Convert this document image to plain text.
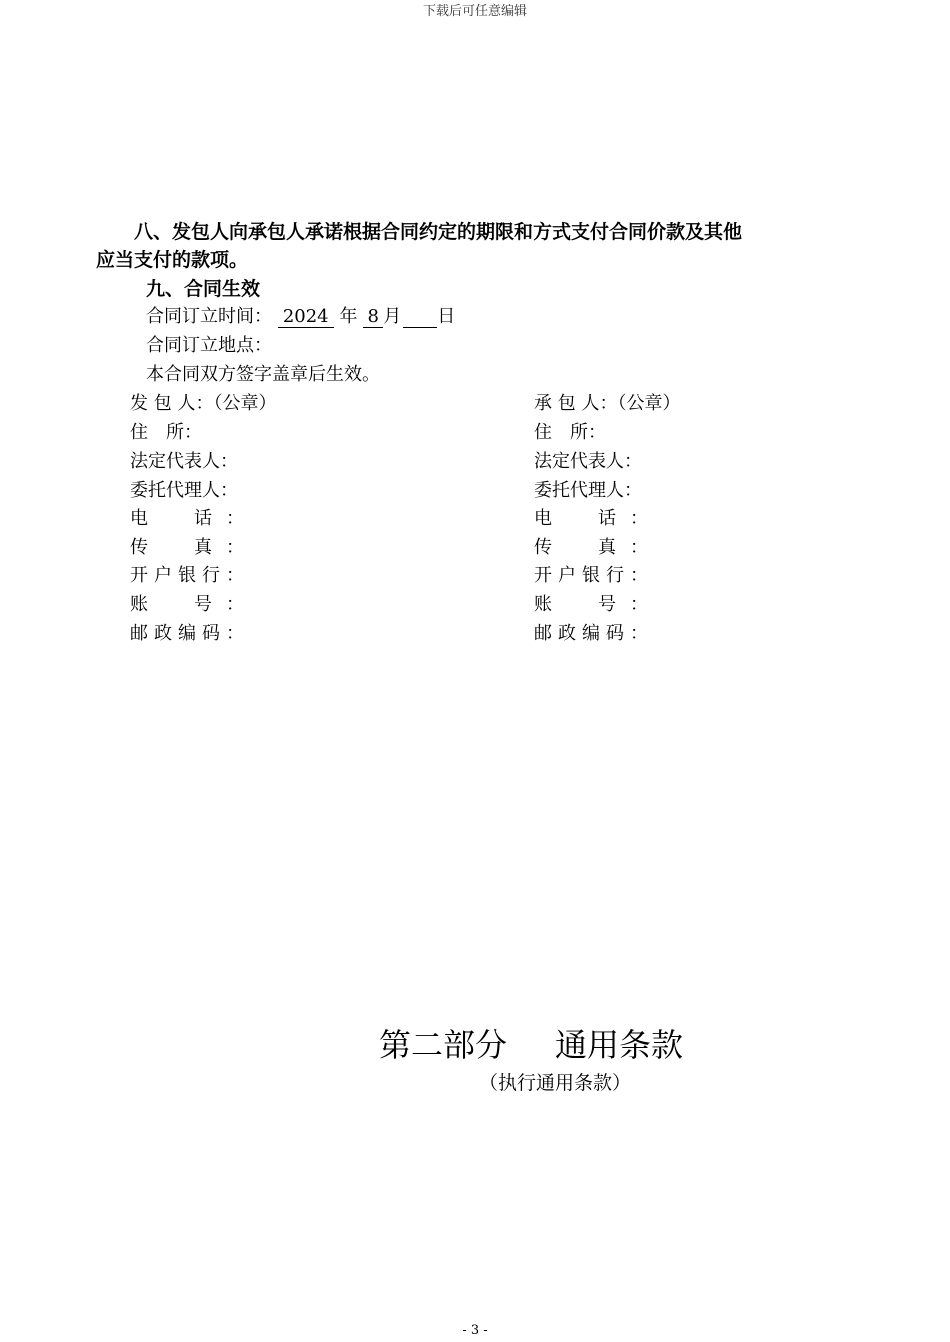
下载后可任意编辑
八、发包人向承包人承诺根据合同约定的期限和方式支付合同价款及其他
应当支付的款项。
九、合同生效
合同订立时间： 2024 年 8 月 日
合同订立地点：
本合同双方签字盖章后生效。
发 包 人：（公章）
住　所：
法定代表人：
委托代理人：
电　话：
传　真：
开户银行：
账　号：
邮政编码：
承 包 人：（公章）
住　所：
法定代表人：
委托代理人：
电　话：
传　真：
开户银行：
账　号：
邮政编码：
第二部分 通用条款
（执行通用条款）
- 3 -
